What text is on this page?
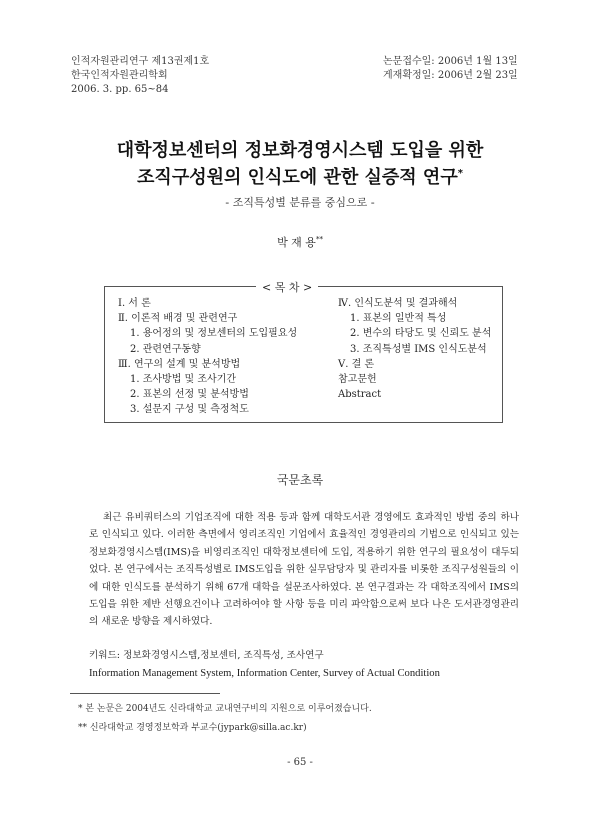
인적자원관리연구 제13권제1호
한국인적자원관리학회
2006. 3. pp. 65~84
논문접수일: 2006년 1월 13일
게재확정일: 2006년 2월 23일
대학정보센터의 정보화경영시스템 도입을 위한
조직구성원의 인식도에 관한 실증적 연구*
- 조직특성별 분류를 중심으로 -
박 재 용**
< 목 차 >
Ⅰ. 서 론
Ⅱ. 이론적 배경 및 관련연구
1. 용어정의 및 정보센터의 도입필요성
2. 관련연구동향
Ⅲ. 연구의 설계 및 분석방법
1. 조사방법 및 조사기간
2. 표본의 선정 및 분석방법
3. 설문지 구성 및 측정척도
Ⅳ. 인식도분석 및 결과해석
1. 표본의 일반적 특성
2. 변수의 타당도 및 신뢰도 분석
3. 조직특성별 IMS 인식도분석
Ⅴ. 결 론
참고문헌
Abstract
국문초록
최근 유비쿼터스의 기업조직에 대한 적용 등과 함께 대학도서관 경영에도 효과적인 방법 중의 하나로 인식되고 있다. 이러한 측면에서 영리조직인 기업에서 효율적인 경영관리의 기법으로 인식되고 있는 정보화경영시스템(IMS)을 비영리조직인 대학정보센터에 도입, 적용하기 위한 연구의 필요성이 대두되었다. 본 연구에서는 조직특성별로 IMS도입을 위한 실무담당자 및 관리자를 비롯한 조직구성원들의 이에 대한 인식도를 분석하기 위해 67개 대학을 설문조사하였다. 본 연구결과는 각 대학조직에서 IMS의 도입을 위한 제반 선행요건이나 고려하여야 할 사항 등을 미리 파악함으로써 보다 나은 도서관경영관리의 새로운 방향을 제시하였다.
키워드: 정보화경영시스템,정보센터, 조직특성, 조사연구
Information Management System, Information Center, Survey of Actual Condition
* 본 논문은 2004년도 신라대학교 교내연구비의 지원으로 이루어졌습니다.
** 신라대학교 경영정보학과 부교수(jypark@silla.ac.kr)
- 65 -
